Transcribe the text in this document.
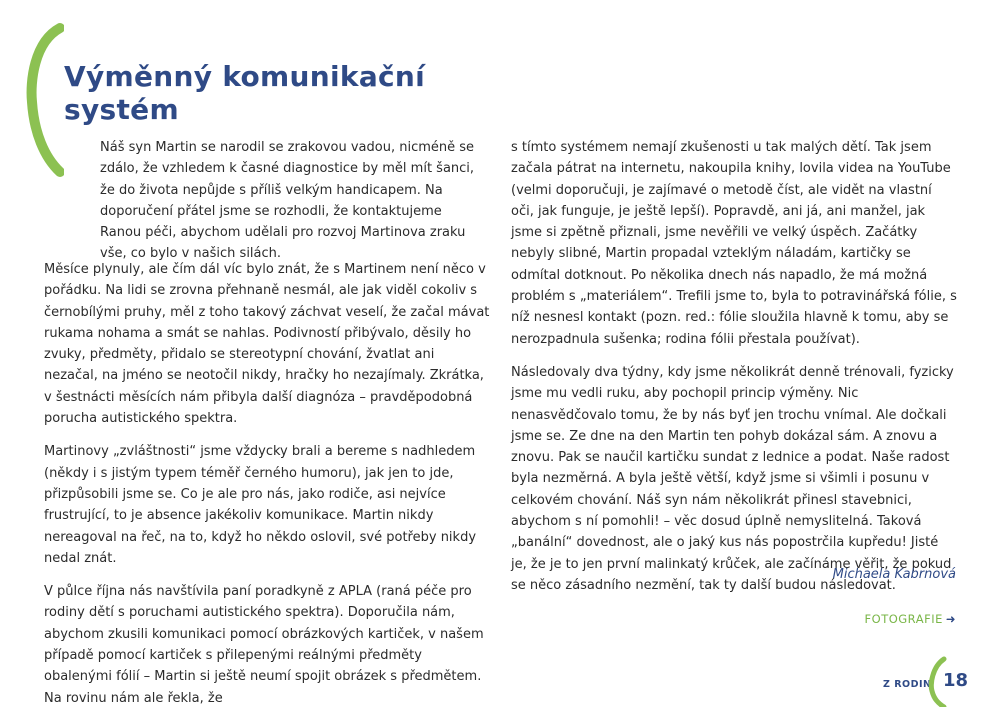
Výměnný komunikační
systém

Náš syn Martin se narodil se zrakovou vadou, nicméně se zdálo, že vzhledem k časné diagnostice by měl mít šanci, že do života nepůjde s příliš velkým handicapem. Na doporučení přátel jsme se rozhodli, že kontaktujeme Ranou péči, abychom udělali pro rozvoj Martinova zraku vše, co bylo v našich silách.

Měsíce plynuly, ale čím dál víc bylo znát, že s Martinem není něco v pořádku. Na lidi se zrovna přehnaně nesmál, ale jak viděl cokoliv s černobílými pruhy, měl z toho takový záchvat veselí, že začal mávat rukama nohama a smát se nahlas. Podivností přibývalo, děsily ho zvuky, předměty, přidalo se stereotypní chování, žvatlat ani nezačal, na jméno se neotočil nikdy, hračky ho nezajímaly. Zkrátka, v šestnácti měsících nám přibyla další diagnóza – pravděpodobná porucha autistického spektra.

Martinovy „zvláštnosti“ jsme vždycky brali a bereme s nadhledem (někdy i s jistým typem téměř černého humoru), jak jen to jde, přizpůsobili jsme se. Co je ale pro nás, jako rodiče, asi nejvíce frustrující, to je absence jakékoliv komunikace. Martin nikdy nereagoval na řeč, na to, když ho někdo oslovil, své potřeby nikdy nedal znát.

V půlce října nás navštívila paní poradkyně z APLA (raná péče pro rodiny dětí s poruchami autistického spektra). Doporučila nám, abychom zkusili komunikaci pomocí obrázkových kartiček, v našem případě pomocí kartiček s přilepenými reálnými předměty obalenými fólií – Martin si ještě neumí spojit obrázek s předmětem. Na rovinu nám ale řekla, že

s tímto systémem nemají zkušenosti u tak malých dětí. Tak jsem začala pátrat na internetu, nakoupila knihy, lovila videa na YouTube (velmi doporučuji, je zajímavé o metodě číst, ale vidět na vlastní oči, jak funguje, je ještě lepší). Popravdě, ani já, ani manžel, jak jsme si zpětně přiznali, jsme nevěřili ve velký úspěch. Začátky nebyly slibné, Martin propadal vzteklým náladám, kartičky se odmítal dotknout. Po několika dnech nás napadlo, že má možná problém s „materiálem“. Trefili jsme to, byla to potravinářská fólie, s níž nesnesl kontakt (pozn. red.: fólie sloužila hlavně k tomu, aby se nerozpadnula sušenka; rodina fólii přestala používat).

Následovaly dva týdny, kdy jsme několikrát denně trénovali, fyzicky jsme mu vedli ruku, aby pochopil princip výměny. Nic nenasvědčovalo tomu, že by nás byť jen trochu vnímal. Ale dočkali jsme se. Ze dne na den Martin ten pohyb dokázal sám. A znovu a znovu. Pak se naučil kartičku sundat z lednice a podat. Naše radost byla nezměrná. A byla ještě větší, když jsme si všimli i posunu v celkovém chování. Náš syn nám několikrát přinesl stavebnici, abychom s ní pomohli! – věc dosud úplně nemyslitelná. Taková „banální“ dovednost, ale o jaký kus nás popostrčila kupředu! Jisté je, že je to jen první malinkatý krůček, ale začínáme věřit, že pokud se něco zásadního nezmění, tak ty další budou následovat.

Michaela Kabrnová
FOTOGRAFIE ➜
Z RODIN 18
